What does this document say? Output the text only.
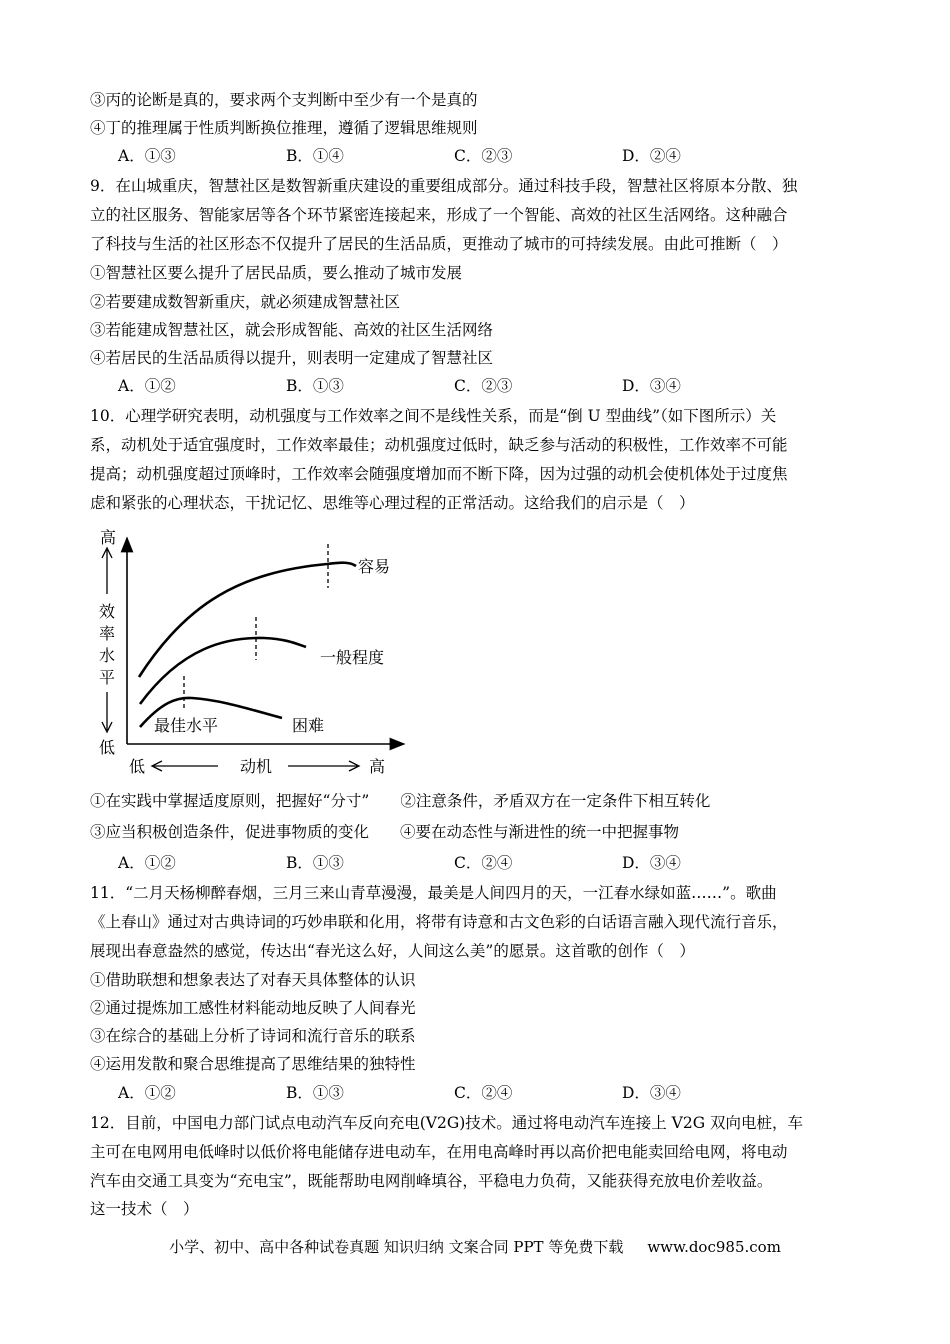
③丙的论断是真的，要求两个支判断中至少有一个是真的
④丁的推理属于性质判断换位推理，遵循了逻辑思维规则
A．①③	B．①④	C．②③	D．②④
9．在山城重庆，智慧社区是数智新重庆建设的重要组成部分。通过科技手段，智慧社区将原本分散、独
立的社区服务、智能家居等各个环节紧密连接起来，形成了一个智能、高效的社区生活网络。这种融合
了科技与生活的社区形态不仅提升了居民的生活品质，更推动了城市的可持续发展。由此可推断（　）
①智慧社区要么提升了居民品质，要么推动了城市发展
②若要建成数智新重庆，就必须建成智慧社区
③若能建成智慧社区，就会形成智能、高效的社区生活网络
④若居民的生活品质得以提升，则表明一定建成了智慧社区
A．①②	B．①③	C．②③	D．③④
10．心理学研究表明，动机强度与工作效率之间不是线性关系，而是“倒 U 型曲线”（如下图所示）关
系，动机处于适宜强度时，工作效率最佳；动机强度过低时，缺乏参与活动的积极性，工作效率不可能
提高；动机强度超过顶峰时，工作效率会随强度增加而不断下降，因为过强的动机会使机体处于过度焦
虑和紧张的心理状态，干扰记忆、思维等心理过程的正常活动。这给我们的启示是（　）
高
效
率
水
平
低
低	动机	高
容易
一般程度
困难
最佳水平
①在实践中掌握适度原则，把握好“分寸”　　②注意条件，矛盾双方在一定条件下相互转化
③应当积极创造条件，促进事物质的变化　　④要在动态性与渐进性的统一中把握事物
A．①②	B．①③	C．②④	D．③④
11．“二月天杨柳醉春烟，三月三来山青草漫漫，最美是人间四月的天，一江春水绿如蓝……”。歌曲
《上春山》通过对古典诗词的巧妙串联和化用，将带有诗意和古文色彩的白话语言融入现代流行音乐，
展现出春意盎然的感觉，传达出“春光这么好，人间这么美”的愿景。这首歌的创作（　）
①借助联想和想象表达了对春天具体整体的认识
②通过提炼加工感性材料能动地反映了人间春光
③在综合的基础上分析了诗词和流行音乐的联系
④运用发散和聚合思维提高了思维结果的独特性
A．①②	B．①③	C．②④	D．③④
12．目前，中国电力部门试点电动汽车反向充电(V2G)技术。通过将电动汽车连接上 V2G 双向电桩，车
主可在电网用电低峰时以低价将电能储存进电动车，在用电高峰时再以高价把电能卖回给电网，将电动
汽车由交通工具变为“充电宝”，既能帮助电网削峰填谷，平稳电力负荷，又能获得充放电价差收益。
这一技术（　）
小学、初中、高中各种试卷真题 知识归纳 文案合同 PPT 等免费下载 www.doc985.com
